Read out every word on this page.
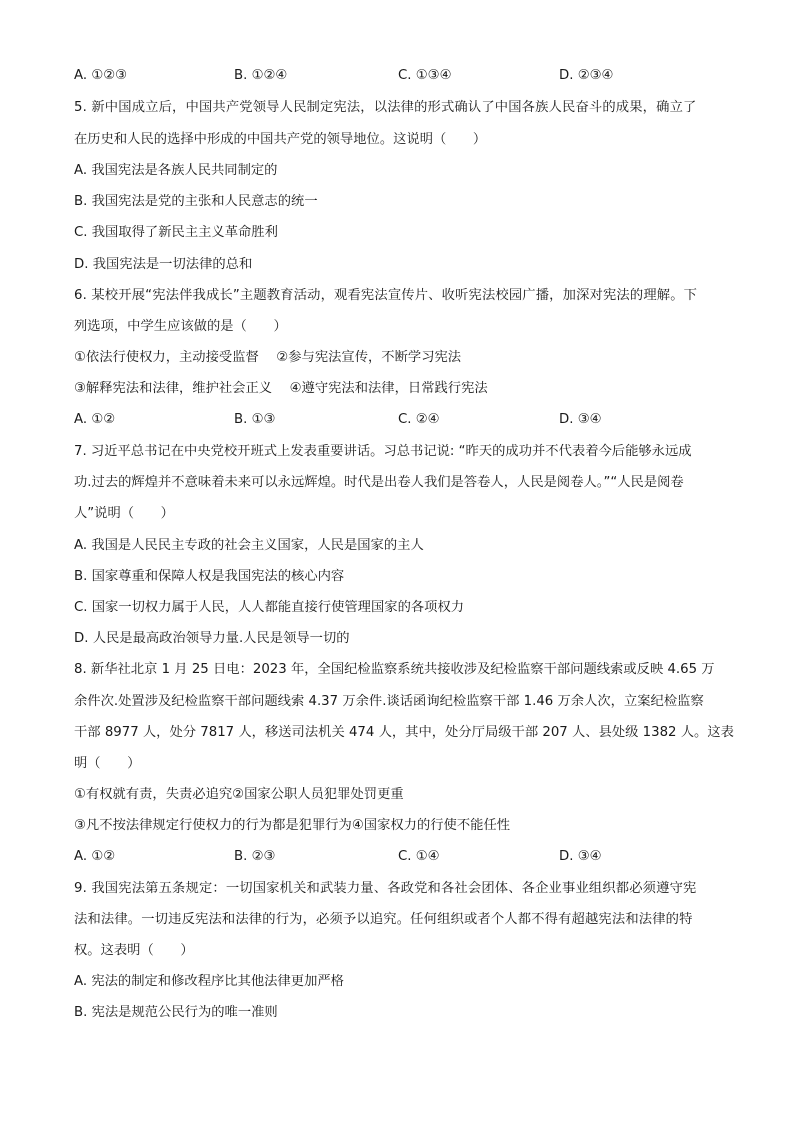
A. ①②③	B. ①②④	C. ①③④	D. ②③④
5. 新中国成立后，中国共产党领导人民制定宪法，以法律的形式确认了中国各族人民奋斗的成果，确立了
在历史和人民的选择中形成的中国共产党的领导地位。这说明（　　）
A. 我国宪法是各族人民共同制定的
B. 我国宪法是党的主张和人民意志的统一
C. 我国取得了新民主主义革命胜利
D. 我国宪法是一切法律的总和
6. 某校开展“宪法伴我成长”主题教育活动，观看宪法宣传片、收听宪法校园广播，加深对宪法的理解。下
列选项，中学生应该做的是（　　）
①依法行使权力，主动接受监督　 ②参与宪法宣传，不断学习宪法
③解释宪法和法律，维护社会正义　 ④遵守宪法和法律，日常践行宪法
A. ①②	B. ①③	C. ②④	D. ③④
7. 习近平总书记在中央党校开班式上发表重要讲话。习总书记说: “昨天的成功并不代表着今后能够永远成
功.过去的辉煌并不意味着未来可以永远辉煌。时代是出卷人我们是答卷人，人民是阅卷人。”“人民是阅卷
人”说明（　　）
A. 我国是人民民主专政的社会主义国家，人民是国家的主人
B. 国家尊重和保障人权是我国宪法的核心内容
C. 国家一切权力属于人民，人人都能直接行使管理国家的各项权力
D. 人民是最高政治领导力量.人民是领导一切的
8. 新华社北京 1 月 25 日电：2023 年，全国纪检监察系统共接收涉及纪检监察干部问题线索或反映 4.65 万
余件次.处置涉及纪检监察干部问题线索 4.37 万余件.谈话函询纪检监察干部 1.46 万余人次，立案纪检监察
干部 8977 人，处分 7817 人，移送司法机关 474 人，其中，处分厅局级干部 207 人、县处级 1382 人。这表
明（　　）
①有权就有责，失责必追究②国家公职人员犯罪处罚更重
③凡不按法律规定行使权力的行为都是犯罪行为④国家权力的行使不能任性
A. ①②	B. ②③	C. ①④	D. ③④
9. 我国宪法第五条规定：一切国家机关和武装力量、各政党和各社会团体、各企业事业组织都必须遵守宪
法和法律。一切违反宪法和法律的行为，必须予以追究。任何组织或者个人都不得有超越宪法和法律的特
权。这表明（　　）
A. 宪法的制定和修改程序比其他法律更加严格
B. 宪法是规范公民行为的唯一准则
